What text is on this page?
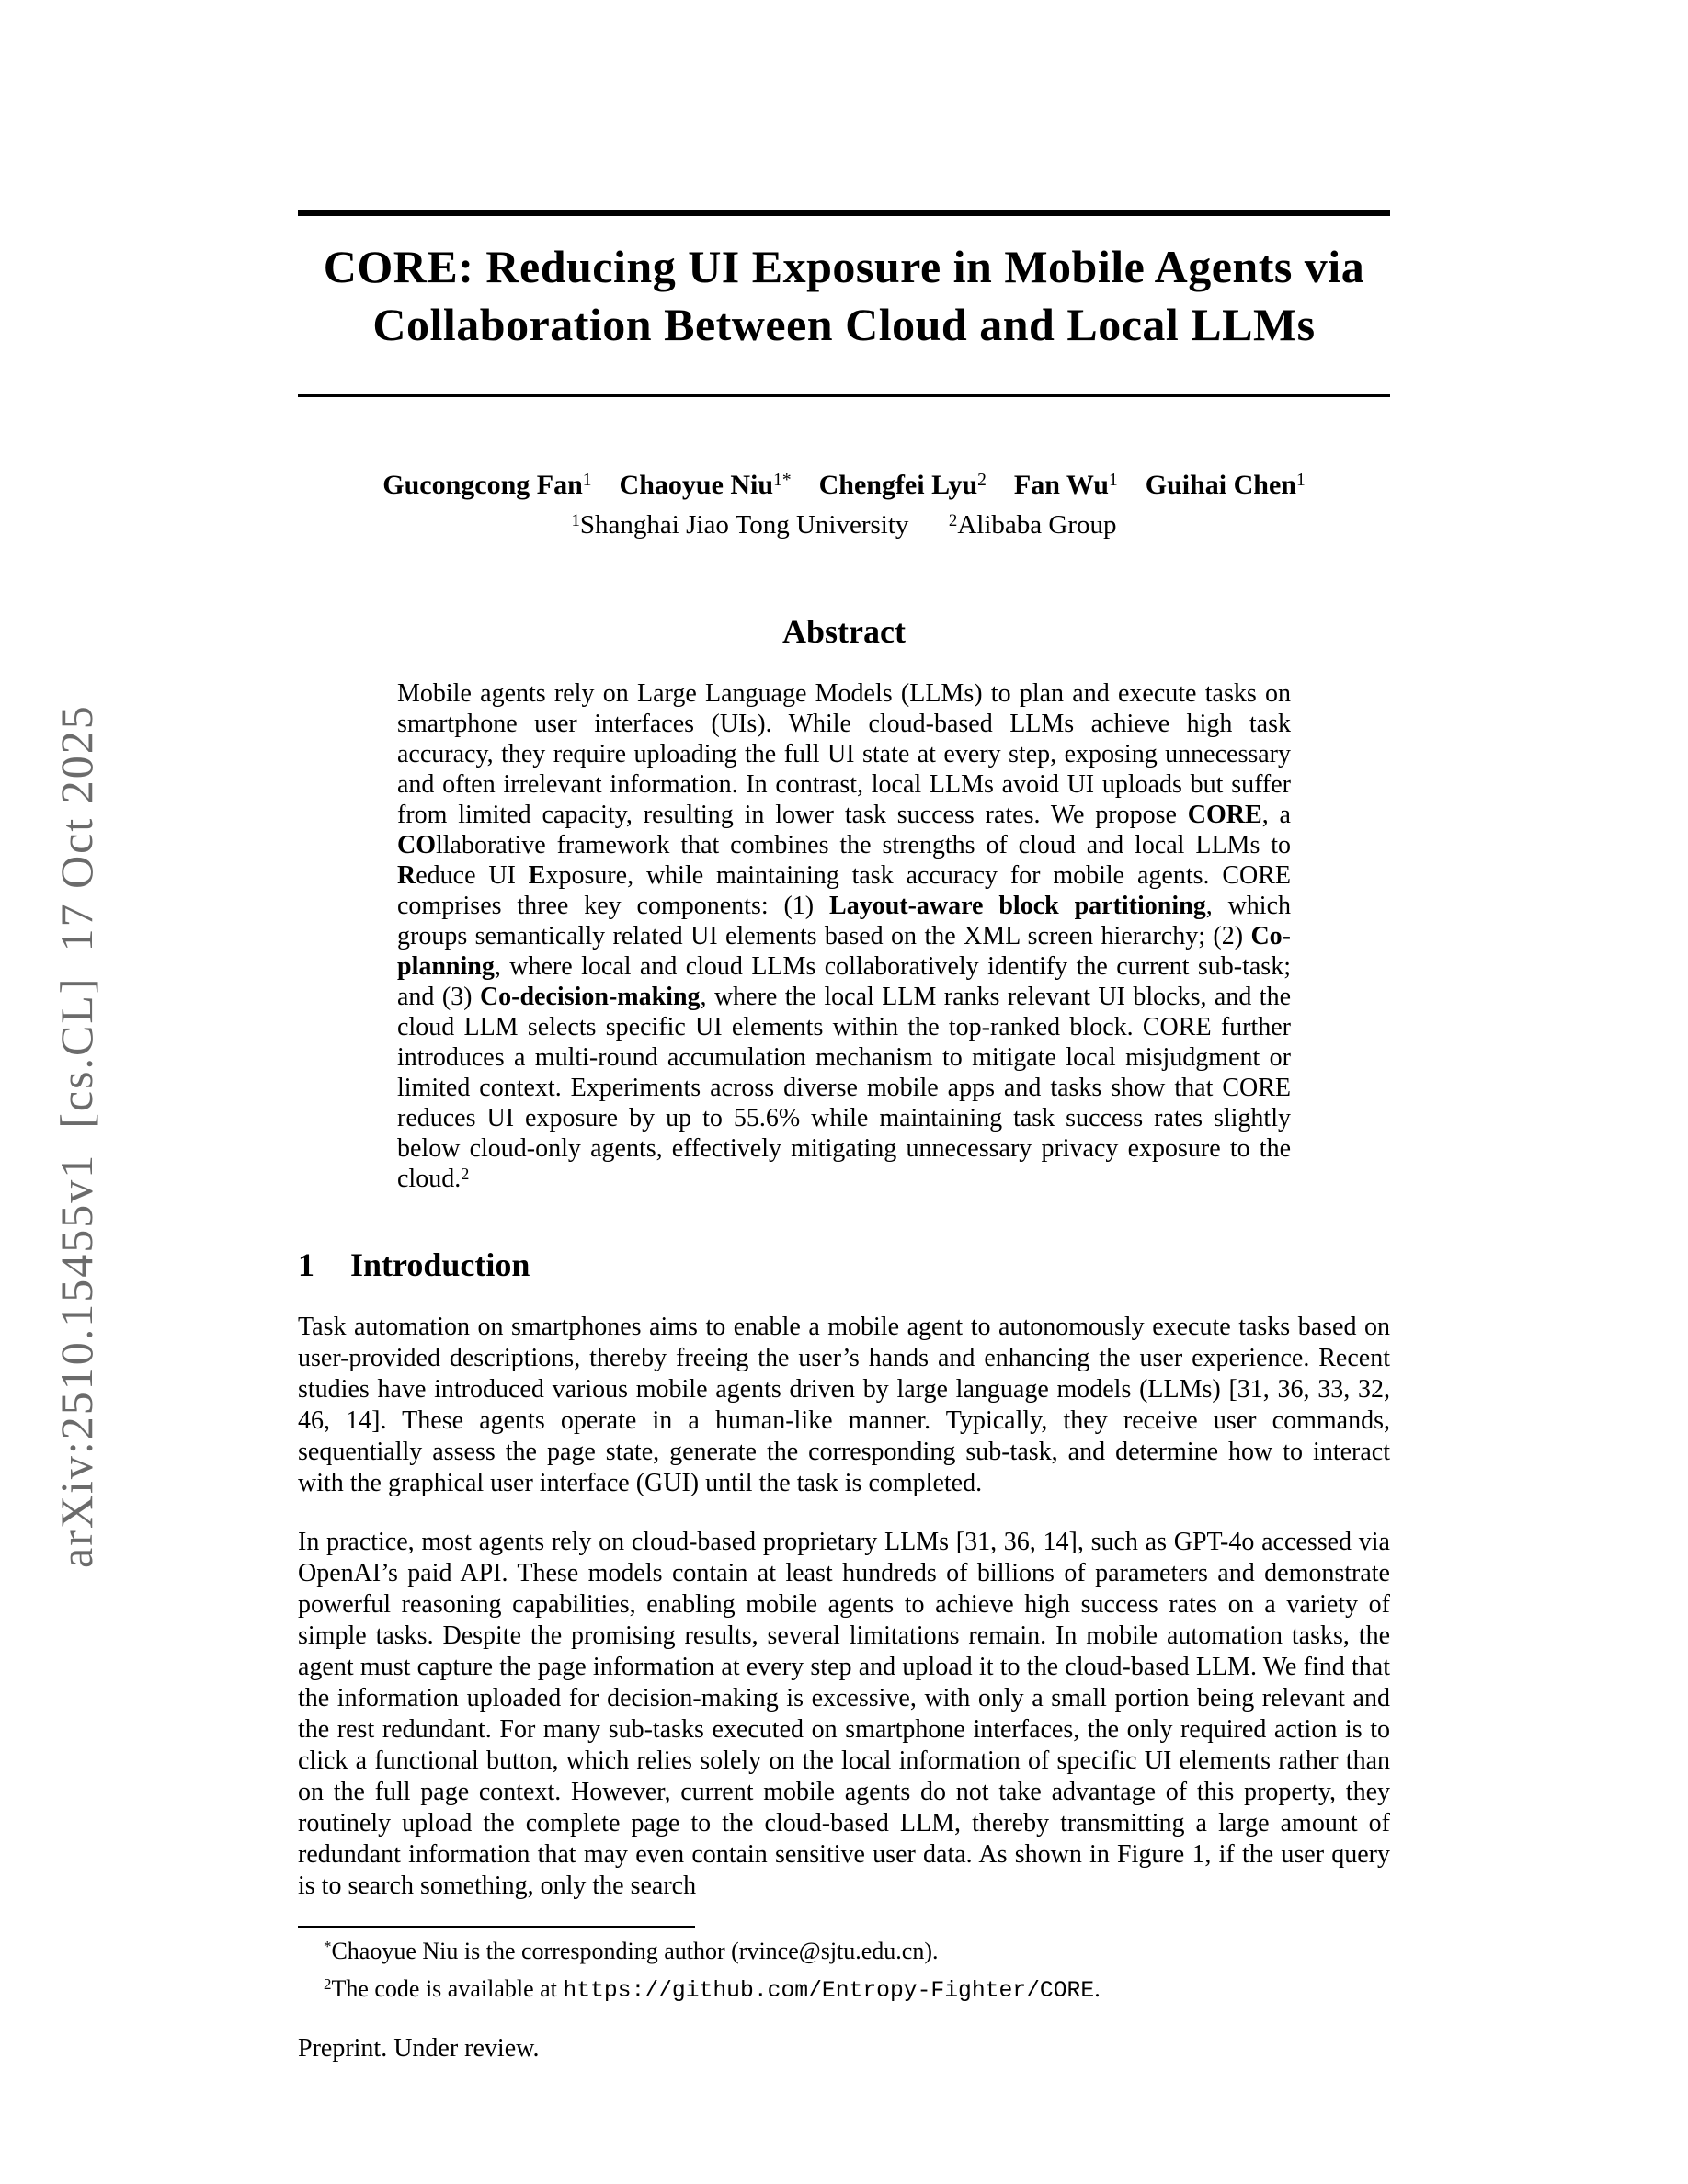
arXiv:2510.15455v1 [cs.CL] 17 Oct 2025
CORE: Reducing UI Exposure in Mobile Agents via
Collaboration Between Cloud and Local LLMs
Gucongcong Fan$^1$  Chaoyue Niu$^{1*}$  Chengfei Lyu$^2$  Fan Wu$^1$  Guihai Chen$^1$
$^1$Shanghai Jiao Tong University   $^2$Alibaba Group
Abstract
Mobile agents rely on Large Language Models (LLMs) to plan and execute tasks on smartphone user interfaces (UIs). While cloud-based LLMs achieve high task accuracy, they require uploading the full UI state at every step, exposing unnecessary and often irrelevant information. In contrast, local LLMs avoid UI uploads but suffer from limited capacity, resulting in lower task success rates. We propose CORE, a COllaborative framework that combines the strengths of cloud and local LLMs to Reduce UI Exposure, while maintaining task accuracy for mobile agents. CORE comprises three key components: (1) Layout-aware block partitioning, which groups semantically related UI elements based on the XML screen hierarchy; (2) Co-planning, where local and cloud LLMs collaboratively identify the current sub-task; and (3) Co-decision-making, where the local LLM ranks relevant UI blocks, and the cloud LLM selects specific UI elements within the top-ranked block. CORE further introduces a multi-round accumulation mechanism to mitigate local misjudgment or limited context. Experiments across diverse mobile apps and tasks show that CORE reduces UI exposure by up to 55.6% while maintaining task success rates slightly below cloud-only agents, effectively mitigating unnecessary privacy exposure to the cloud.$^2$
1 Introduction

Task automation on smartphones aims to enable a mobile agent to autonomously execute tasks based on user-provided descriptions, thereby freeing the user’s hands and enhancing the user experience. Recent studies have introduced various mobile agents driven by large language models (LLMs) [31, 36, 33, 32, 46, 14]. These agents operate in a human-like manner. Typically, they receive user commands, sequentially assess the page state, generate the corresponding sub-task, and determine how to interact with the graphical user interface (GUI) until the task is completed.

In practice, most agents rely on cloud-based proprietary LLMs [31, 36, 14], such as GPT-4o accessed via OpenAI’s paid API. These models contain at least hundreds of billions of parameters and demonstrate powerful reasoning capabilities, enabling mobile agents to achieve high success rates on a variety of simple tasks. Despite the promising results, several limitations remain. In mobile automation tasks, the agent must capture the page information at every step and upload it to the cloud-based LLM. We find that the information uploaded for decision-making is excessive, with only a small portion being relevant and the rest redundant. For many sub-tasks executed on smartphone interfaces, the only required action is to click a functional button, which relies solely on the local information of specific UI elements rather than on the full page context. However, current mobile agents do not take advantage of this property, they routinely upload the complete page to the cloud-based LLM, thereby transmitting a large amount of redundant information that may even contain sensitive user data. As shown in Figure 1, if the user query is to search something, only the search

*Chaoyue Niu is the corresponding author (rvince@sjtu.edu.cn).
$^2$The code is available at https://github.com/Entropy-Fighter/CORE.
Preprint. Under review.
